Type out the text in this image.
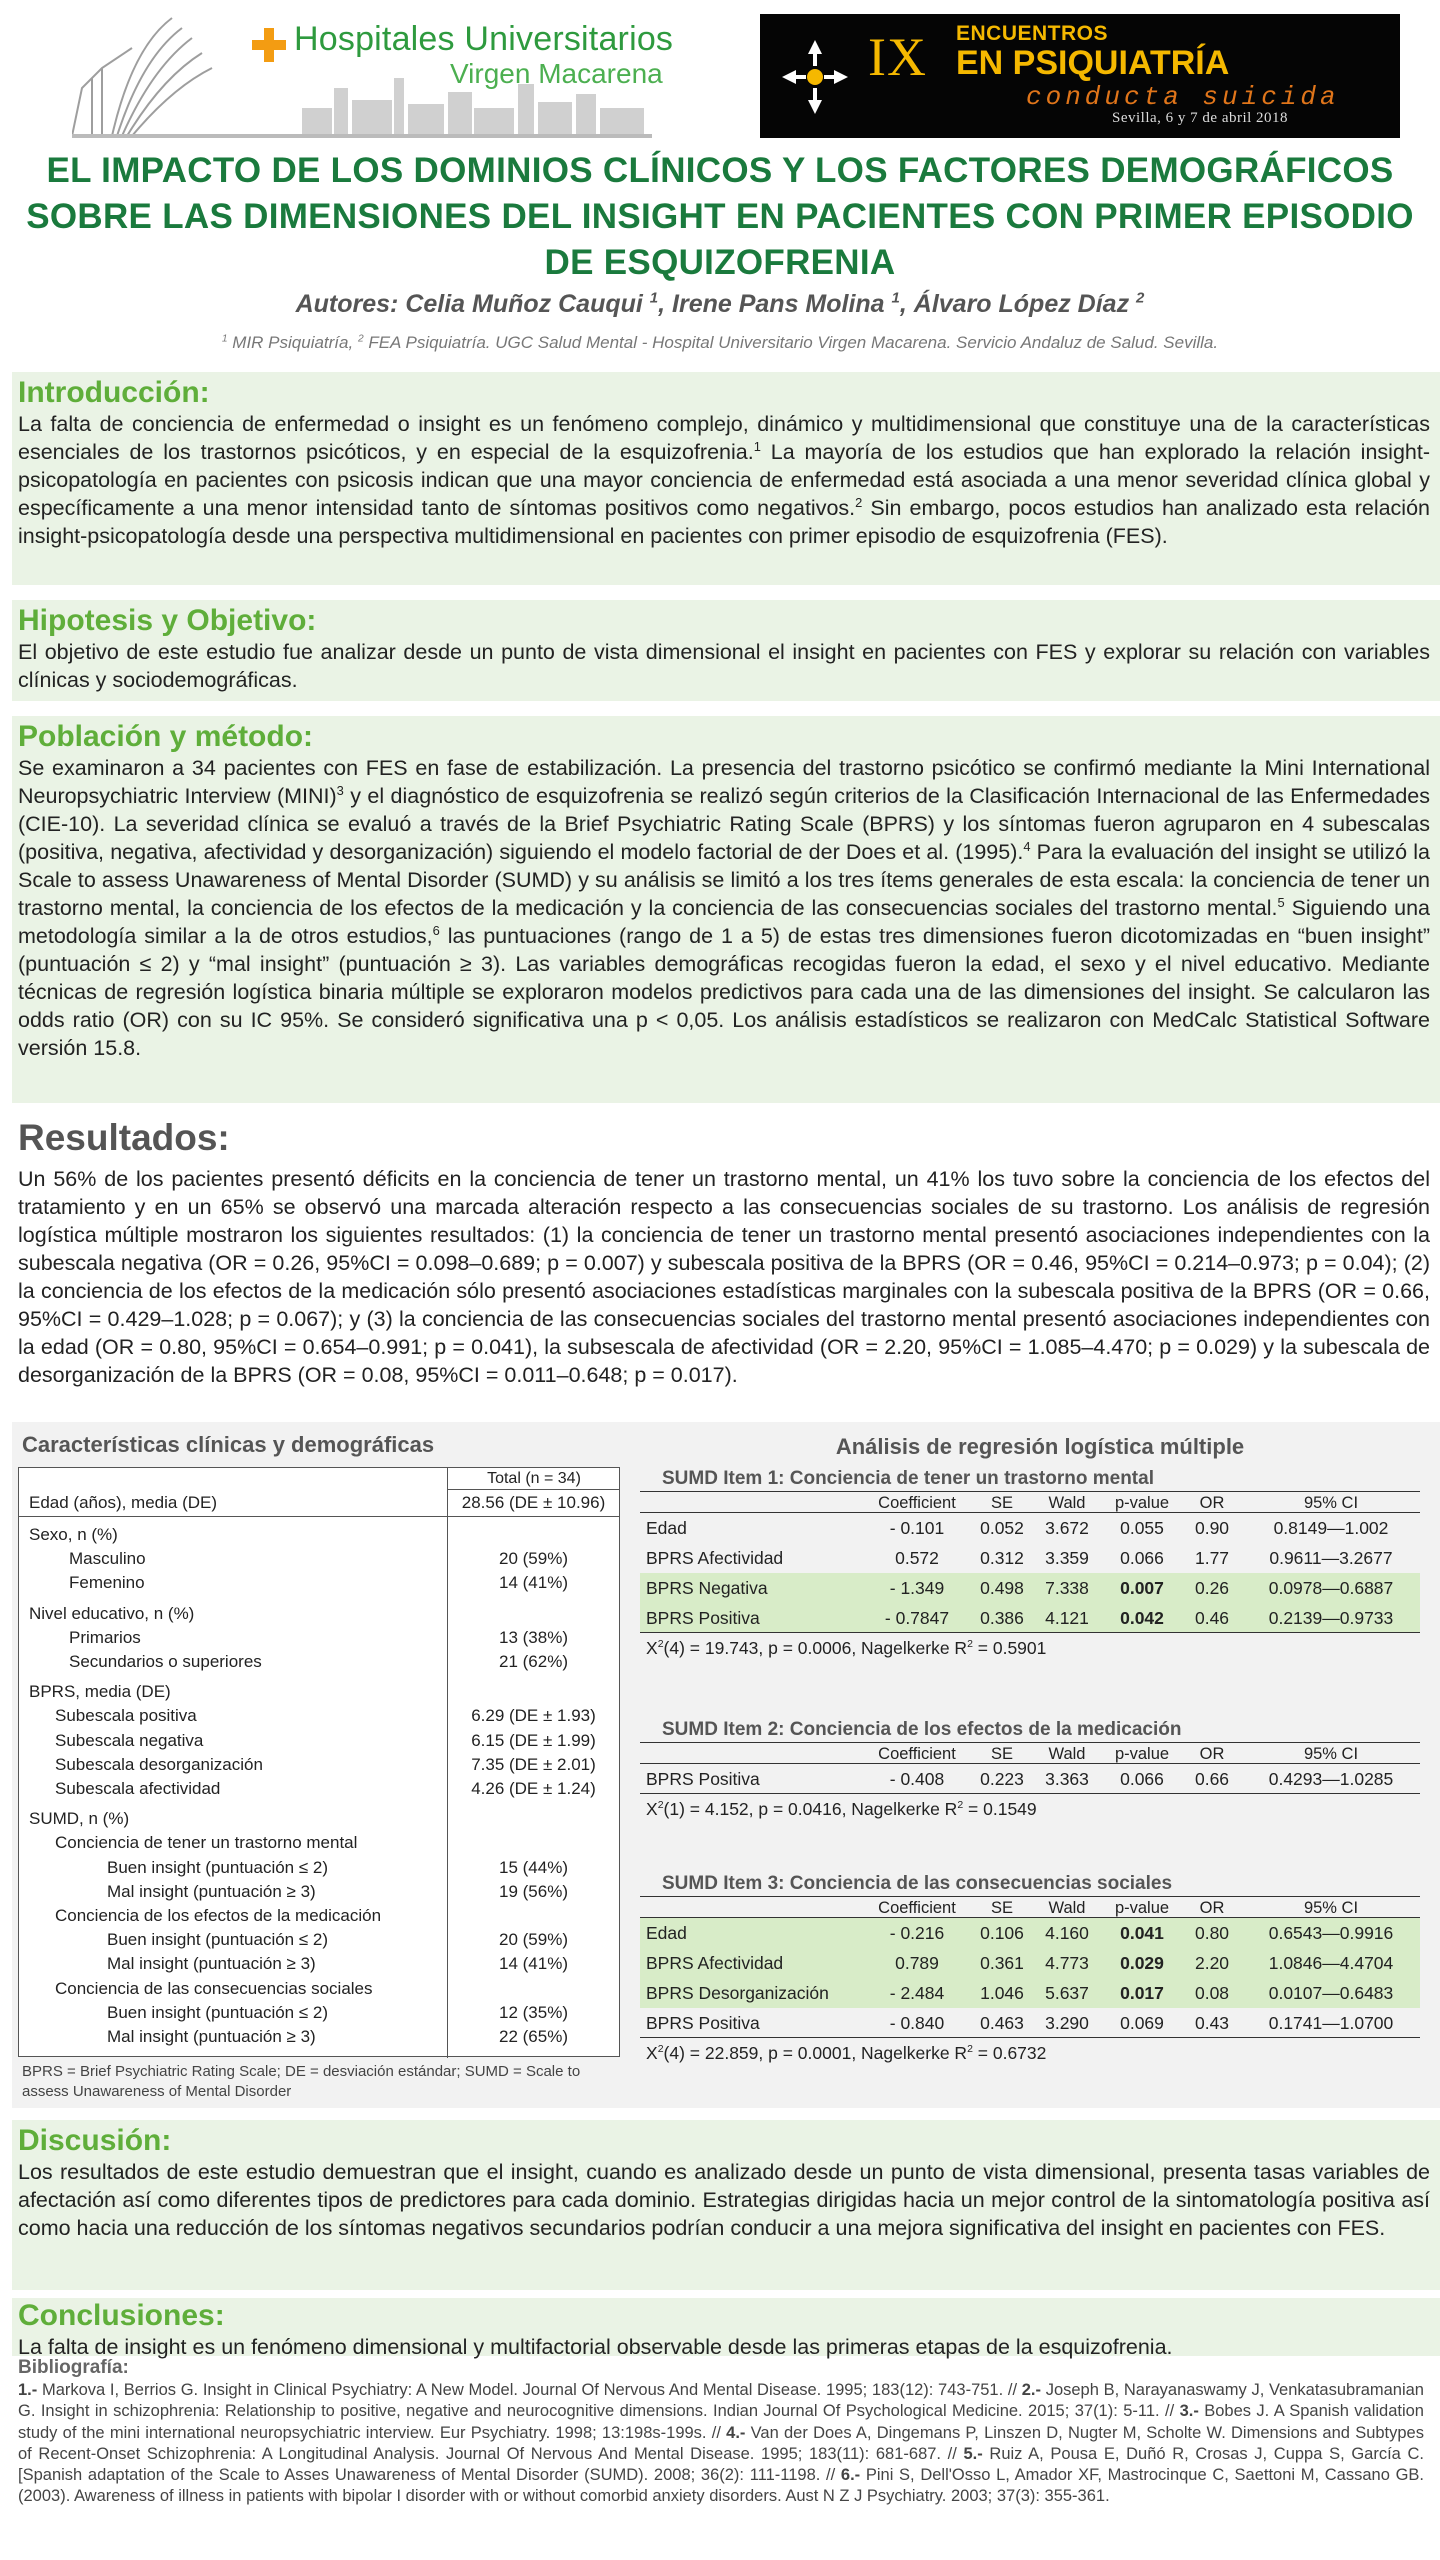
Hospitales Universitarios
Virgen Macarena	IX ENCUENTROS
EN PSIQUIATRÍA
conducta suicida
Sevilla, 6 y 7 de abril 2018
EL IMPACTO DE LOS DOMINIOS CLÍNICOS Y LOS FACTORES DEMOGRÁFICOS SOBRE LAS DIMENSIONES DEL INSIGHT EN PACIENTES CON PRIMER EPISODIO DE ESQUIZOFRENIA
Autores: Celia Muñoz Cauqui $^1$, Irene Pans Molina $^1$, Álvaro López Díaz $^2$
$^1$ MIR Psiquiatría, $^2$ FEA Psiquiatría. UGC Salud Mental - Hospital Universitario Virgen Macarena. Servicio Andaluz de Salud. Sevilla.
Introducción:
La falta de conciencia de enfermedad o insight es un fenómeno complejo, dinámico y multidimensional que constituye una de la características esenciales de los trastornos psicóticos, y en especial de la esquizofrenia.$^1$ La mayoría de los estudios que han explorado la relación insight-psicopatología en pacientes con psicosis indican que una mayor conciencia de enfermedad está asociada a una menor severidad clínica global y específicamente a una menor intensidad tanto de síntomas positivos como negativos.$^2$ Sin embargo, pocos estudios han analizado esta relación insight-psicopatología desde una perspectiva multidimensional en pacientes con primer episodio de esquizofrenia (FES).
Hipotesis y Objetivo:
El objetivo de este estudio fue analizar desde un punto de vista dimensional el insight en pacientes con FES y explorar su relación con variables clínicas y sociodemográficas.
Población y método:
Se examinaron a 34 pacientes con FES en fase de estabilización. La presencia del trastorno psicótico se confirmó mediante la Mini International Neuropsychiatric Interview (MINI)$^3$ y el diagnóstico de esquizofrenia se realizó según criterios de la Clasificación Internacional de las Enfermedades (CIE-10). La severidad clínica se evaluó a través de la Brief Psychiatric Rating Scale (BPRS) y los síntomas fueron agruparon en 4 subescalas (positiva, negativa, afectividad y desorganización) siguiendo el modelo factorial de der Does et al. (1995).$^4$ Para la evaluación del insight se utilizó la Scale to assess Unawareness of Mental Disorder (SUMD) y su análisis se limitó a los tres ítems generales de esta escala: la conciencia de tener un trastorno mental, la conciencia de los efectos de la medicación y la conciencia de las consecuencias sociales del trastorno mental.$^5$ Siguiendo una metodología similar a la de otros estudios,$^6$ las puntuaciones (rango de 1 a 5) de estas tres dimensiones fueron dicotomizadas en “buen insight” (puntuación ≤ 2) y “mal insight” (puntuación ≥ 3). Las variables demográficas recogidas fueron la edad, el sexo y el nivel educativo. Mediante técnicas de regresión logística binaria múltiple se exploraron modelos predictivos para cada una de las dimensiones del insight. Se calcularon las odds ratio (OR) con su IC 95%. Se consideró significativa una p < 0,05. Los análisis estadísticos se realizaron con MedCalc Statistical Software versión 15.8.
Resultados:
Un 56% de los pacientes presentó déficits en la conciencia de tener un trastorno mental, un 41% los tuvo sobre la conciencia de los efectos del tratamiento y en un 65% se observó una marcada alteración respecto a las consecuencias sociales de su trastorno. Los análisis de regresión logística múltiple mostraron los siguientes resultados: (1) la conciencia de tener un trastorno mental presentó asociaciones independientes con la subescala negativa (OR = 0.26, 95%CI = 0.098–0.689; p = 0.007) y subescala positiva de la BPRS (OR = 0.46, 95%CI = 0.214–0.973; p = 0.04); (2) la conciencia de los efectos de la medicación sólo presentó asociaciones estadísticas marginales con la subescala positiva de la BPRS (OR = 0.66, 95%CI = 0.429–1.028; p = 0.067); y (3) la conciencia de las consecuencias sociales del trastorno mental presentó asociaciones independientes con la edad (OR = 0.80, 95%CI = 0.654–0.991; p = 0.041), la subsescala de afectividad (OR = 2.20, 95%CI = 1.085–4.470; p = 0.029) y la subescala de desorganización de la BPRS (OR = 0.08, 95%CI = 0.011–0.648; p = 0.017).
Características clínicas y demográficas
Total (n = 34)
Edad (años), media (DE)	28.56 (DE ± 10.96)
Sexo, n (%)
Masculino	20 (59%)
Femenino	14 (41%)
Nivel educativo, n (%)
Primarios	13 (38%)
Secundarios o superiores	21 (62%)
BPRS, media (DE)
Subescala positiva	6.29 (DE ± 1.93)
Subescala negativa	6.15 (DE ± 1.99)
Subescala desorganización	7.35 (DE ± 2.01)
Subescala afectividad	4.26 (DE ± 1.24)
SUMD, n (%)
Conciencia de tener un trastorno mental
Buen insight (puntuación ≤ 2)	15 (44%)
Mal insight (puntuación ≥ 3)	19 (56%)
Conciencia de los efectos de la medicación
Buen insight (puntuación ≤ 2)	20 (59%)
Mal insight (puntuación ≥ 3)	14 (41%)
Conciencia de las consecuencias sociales
Buen insight (puntuación ≤ 2)	12 (35%)
Mal insight (puntuación ≥ 3)	22 (65%)
BPRS = Brief Psychiatric Rating Scale; DE = desviación estándar; SUMD = Scale to assess Unawareness of Mental Disorder
Análisis de regresión logística múltiple
SUMD Item 1: Conciencia de tener un trastorno mental
Coefficient	SE	Wald	p-value	OR	95% CI
Edad	- 0.101	0.052	3.672	0.055	0.90	0.8149—1.002
BPRS Afectividad	0.572	0.312	3.359	0.066	1.77	0.9611—3.2677
BPRS Negativa	- 1.349	0.498	7.338	0.007	0.26	0.0978—0.6887
BPRS Positiva	- 0.7847	0.386	4.121	0.042	0.46	0.2139—0.9733
$X^2(4) = 19.743$, p = 0.0006, Nagelkerke $R^2 = 0.5901$
SUMD Item 2: Conciencia de los efectos de la medicación
Coefficient	SE	Wald	p-value	OR	95% CI
BPRS Positiva	- 0.408	0.223	3.363	0.066	0.66	0.4293—1.0285
$X^2(1) = 4.152$, p = 0.0416, Nagelkerke $R^2 = 0.1549$
SUMD Item 3: Conciencia de las consecuencias sociales
Coefficient	SE	Wald	p-value	OR	95% CI
Edad	- 0.216	0.106	4.160	0.041	0.80	0.6543—0.9916
BPRS Afectividad	0.789	0.361	4.773	0.029	2.20	1.0846—4.4704
BPRS Desorganización	- 2.484	1.046	5.637	0.017	0.08	0.0107—0.6483
BPRS Positiva	- 0.840	0.463	3.290	0.069	0.43	0.1741—1.0700
$X^2(4) = 22.859$, p = 0.0001, Nagelkerke $R^2 = 0.6732$
Discusión:
Los resultados de este estudio demuestran que el insight, cuando es analizado desde un punto de vista dimensional, presenta tasas variables de afectación así como diferentes tipos de predictores para cada dominio. Estrategias dirigidas hacia un mejor control de la sintomatología positiva así como hacia una reducción de los síntomas negativos secundarios podrían conducir a una mejora significativa del insight en pacientes con FES.
Conclusiones:
La falta de insight es un fenómeno dimensional y multifactorial observable desde las primeras etapas de la esquizofrenia.
Bibliografía:
1.- Markova I, Berrios G. Insight in Clinical Psychiatry: A New Model. Journal Of Nervous And Mental Disease. 1995; 183(12): 743-751. // 2.- Joseph B, Narayanaswamy J, Venkatasubramanian G. Insight in schizophrenia: Relationship to positive, negative and neurocognitive dimensions. Indian Journal Of Psychological Medicine. 2015; 37(1): 5-11. // 3.- Bobes J. A Spanish validation study of the mini international neuropsychiatric interview. Eur Psychiatry. 1998; 13:198s-199s. // 4.- Van der Does A, Dingemans P, Linszen D, Nugter M, Scholte W. Dimensions and Subtypes of Recent-Onset Schizophrenia: A Longitudinal Analysis. Journal Of Nervous And Mental Disease. 1995; 183(11): 681-687. // 5.- Ruiz A, Pousa E, Duñó R, Crosas J, Cuppa S, García C. [Spanish adaptation of the Scale to Asses Unawareness of Mental Disorder (SUMD). 2008; 36(2): 111-1198. // 6.- Pini S, Dell'Osso L, Amador XF, Mastrocinque C, Saettoni M, Cassano GB. (2003). Awareness of illness in patients with bipolar I disorder with or without comorbid anxiety disorders. Aust N Z J Psychiatry. 2003; 37(3): 355-361.
